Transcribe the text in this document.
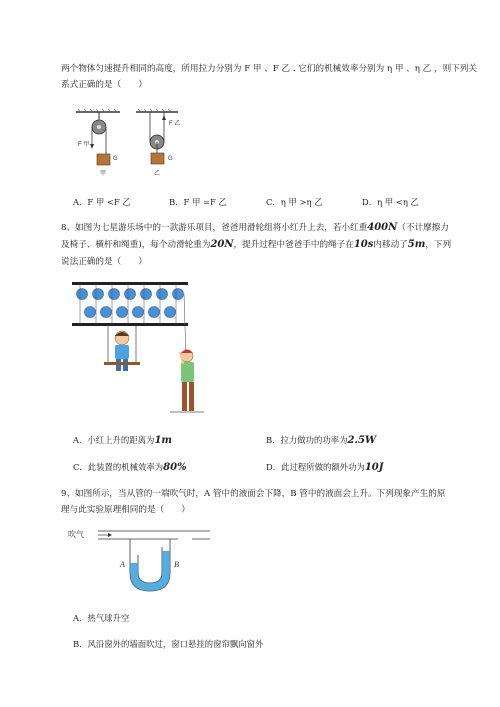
两个物体匀速提升相同的高度，所用拉力分别为 F 甲 、F 乙 . 它们的机械效率分别为 η 甲 、η 乙 ，则下列关
系式正确的是（　　）
F 甲
G
甲
F 乙
G
乙
A．F 甲 <F 乙	B．F 甲 =F 乙	C．η 甲 >η 乙	D．η 甲 <η 乙
8、如图为七星游乐场中的一款游乐项目，爸爸用滑轮组将小红升上去，若小红重400N（不计摩擦力
及椅子、横杆和绳重)，每个动滑轮重为20N，提升过程中爸爸手中的绳子在10s内移动了5m，下列
说法正确的是（　　）
A．小红上升的距离为1m	B．拉力做功的功率为2.5W
C．此装置的机械效率为80%	D．此过程所做的额外功为10J
9、如图所示，当从管的一端吹气时，A 管中的液面会下降，B 管中的液面会上升。下列现象产生的原
理与此实验原理相同的是（　　）
吹气
A	B
A．热气球升空
B．风沿窗外的墙面吹过，窗口悬挂的窗帘飘向窗外
